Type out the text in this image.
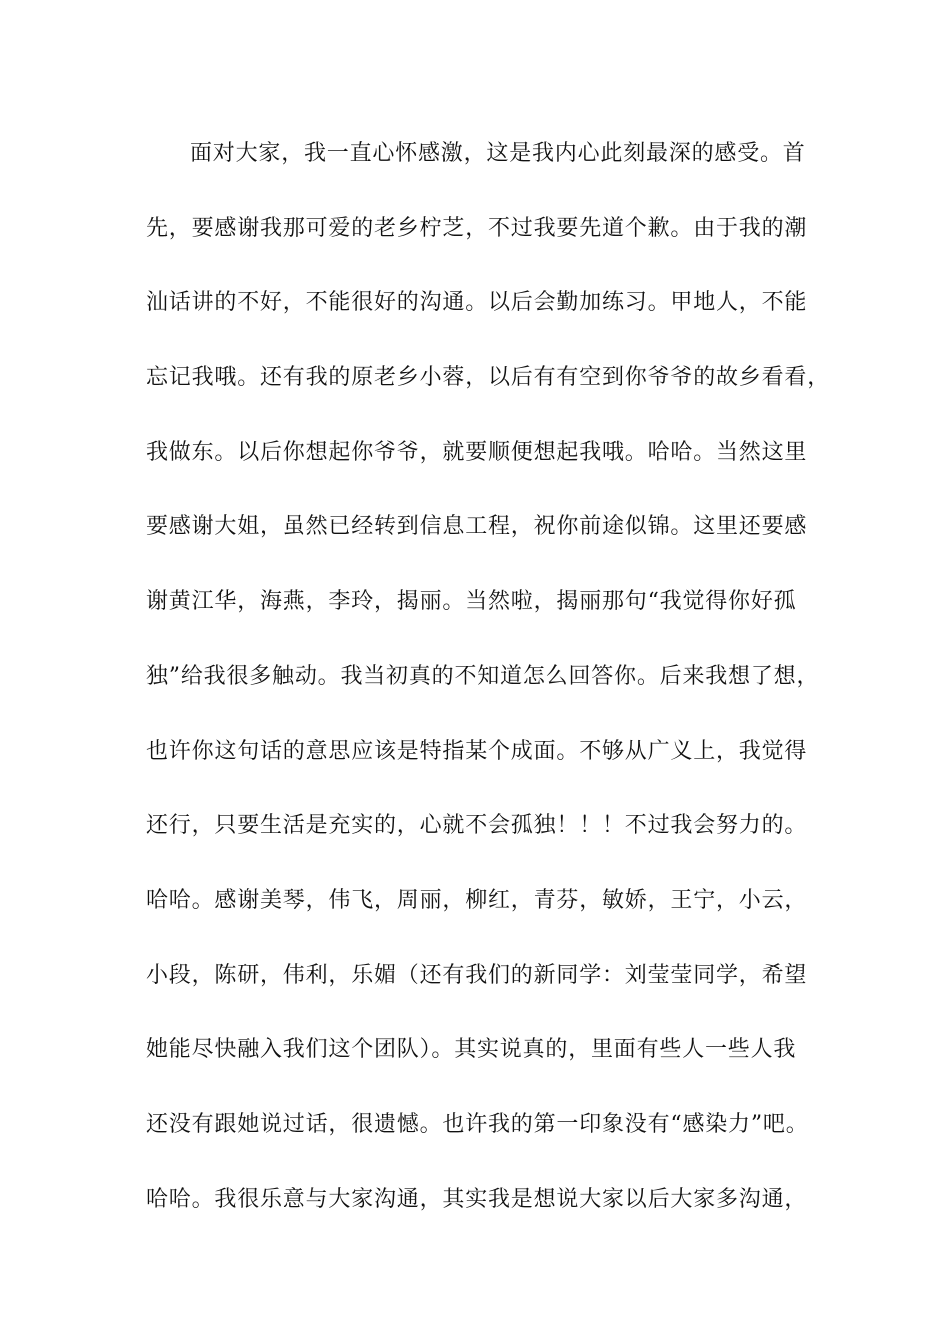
面对大家，我一直心怀感激，这是我内心此刻最深的感受。首
先，要感谢我那可爱的老乡柠芝，不过我要先道个歉。由于我的潮
汕话讲的不好，不能很好的沟通。以后会勤加练习。甲地人，不能
忘记我哦。还有我的原老乡小蓉，以后有有空到你爷爷的故乡看看，
我做东。以后你想起你爷爷，就要顺便想起我哦。哈哈。当然这里
要感谢大姐，虽然已经转到信息工程，祝你前途似锦。这里还要感
谢黄江华，海燕，李玲，揭丽。当然啦，揭丽那句“我觉得你好孤
独”给我很多触动。我当初真的不知道怎么回答你。后来我想了想，
也许你这句话的意思应该是特指某个成面。不够从广义上，我觉得
还行，只要生活是充实的，心就不会孤独！！！不过我会努力的。
哈哈。感谢美琴，伟飞，周丽，柳红，青芬，敏娇，王宁，小云，
小段，陈研，伟利，乐媚（还有我们的新同学：刘莹莹同学，希望
她能尽快融入我们这个团队）。其实说真的，里面有些人一些人我
还没有跟她说过话，很遗憾。也许我的第一印象没有“感染力”吧。
哈哈。我很乐意与大家沟通，其实我是想说大家以后大家多沟通，
